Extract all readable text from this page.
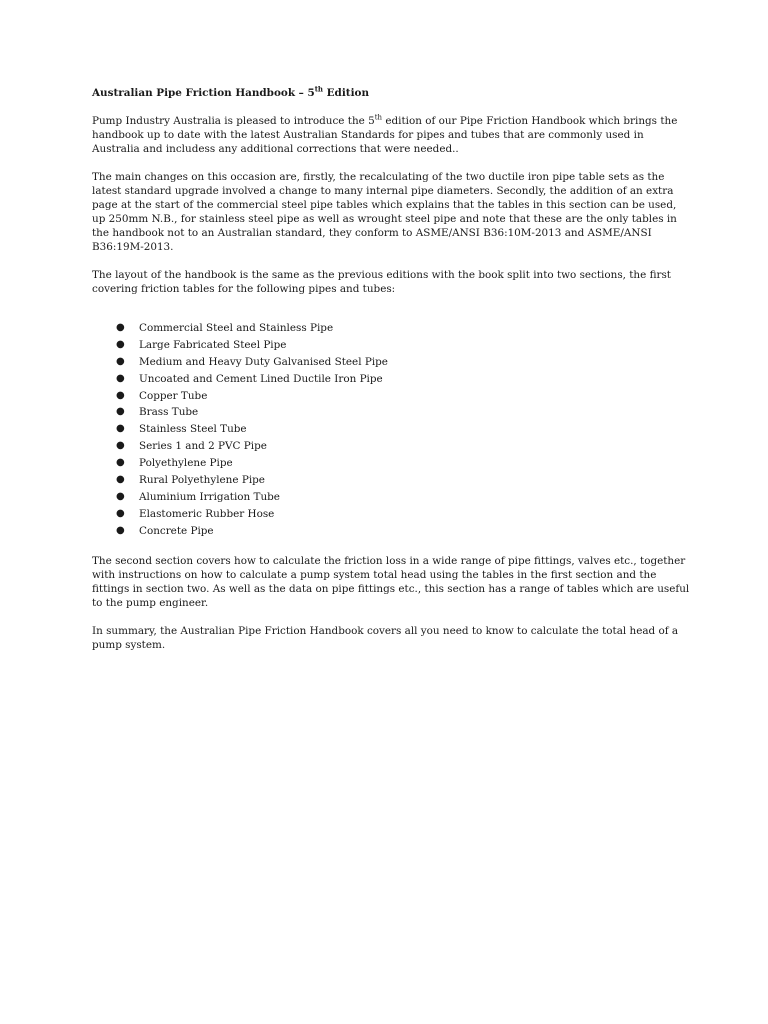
Australian Pipe Friction Handbook – 5th Edition

Pump Industry Australia is pleased to introduce the 5th edition of our Pipe Friction Handbook which brings the handbook up to date with the latest Australian Standards for pipes and tubes that are commonly used in Australia and includess any additional corrections that were needed..

The main changes on this occasion are, firstly, the recalculating of the two ductile iron pipe table sets as the latest standard upgrade involved a change to many internal pipe diameters. Secondly, the addition of an extra page at the start of the commercial steel pipe tables which explains that the tables in this section can be used, up 250mm N.B., for stainless steel pipe as well as wrought steel pipe and note that these are the only tables in the handbook not to an Australian standard, they conform to ASME/ANSI B36:10M-2013 and ASME/ANSI B36:19M-2013.

The layout of the handbook is the same as the previous editions with the book split into two sections, the first covering friction tables for the following pipes and tubes:

● Commercial Steel and Stainless Pipe
● Large Fabricated Steel Pipe
● Medium and Heavy Duty Galvanised Steel Pipe
● Uncoated and Cement Lined Ductile Iron Pipe
● Copper Tube
● Brass Tube
● Stainless Steel Tube
● Series 1 and 2 PVC Pipe
● Polyethylene Pipe
● Rural Polyethylene Pipe
● Aluminium Irrigation Tube
● Elastomeric Rubber Hose
● Concrete Pipe

The second section covers how to calculate the friction loss in a wide range of pipe fittings, valves etc., together with instructions on how to calculate a pump system total head using the tables in the first section and the fittings in section two. As well as the data on pipe fittings etc., this section has a range of tables which are useful to the pump engineer.

In summary, the Australian Pipe Friction Handbook covers all you need to know to calculate the total head of a pump system.
